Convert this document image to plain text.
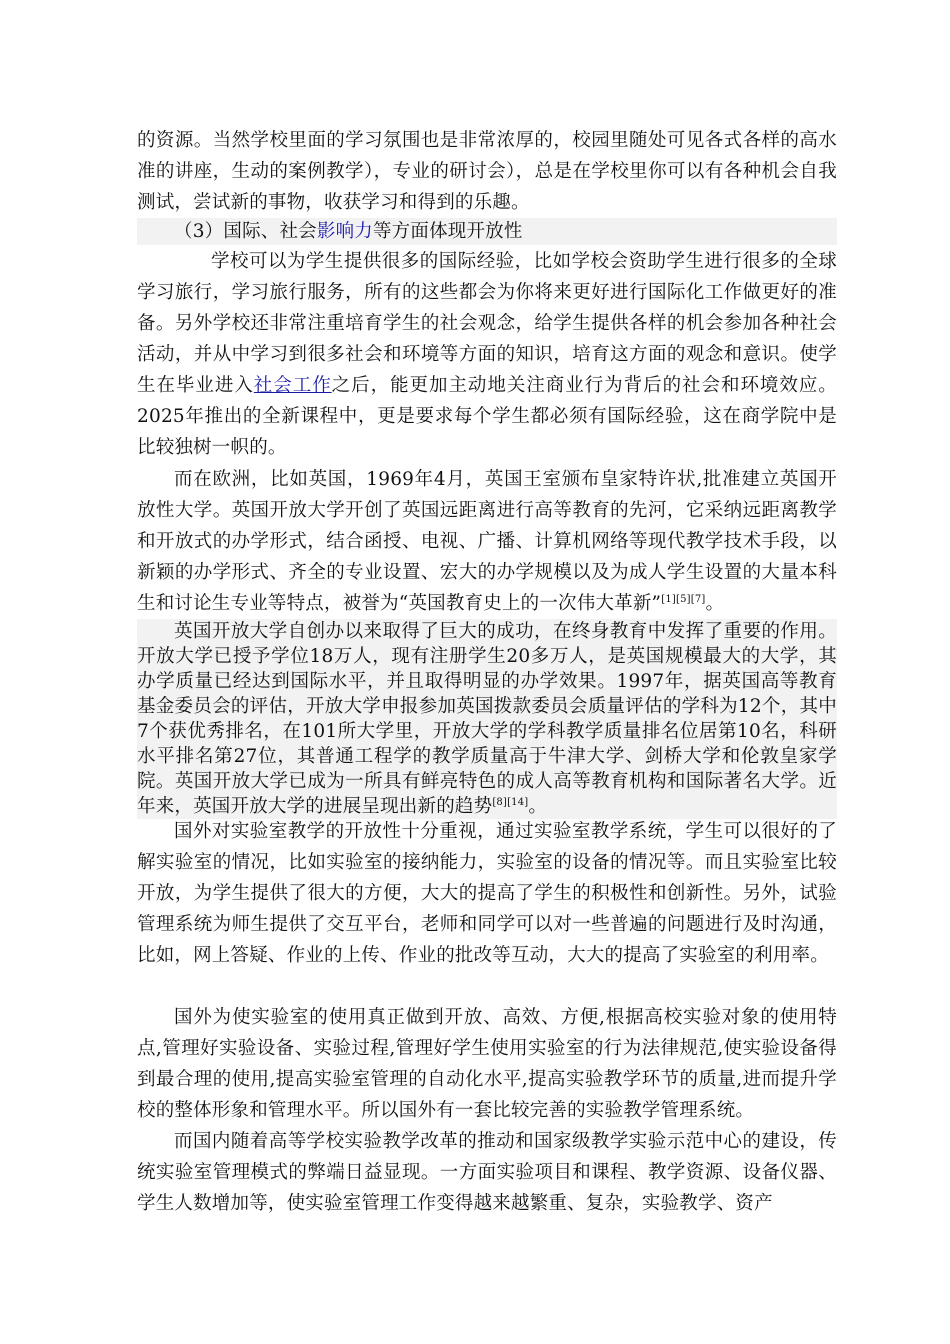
的资源。当然学校里面的学习氛围也是非常浓厚的，校园里随处可见各式各样的高水准的讲座，生动的案例教学），专业的研讨会），总是在学校里你可以有各种机会自我测试，尝试新的事物，收获学习和得到的乐趣。

（3）国际、社会影响力等方面体现开放性

学校可以为学生提供很多的国际经验，比如学校会资助学生进行很多的全球学习旅行，学习旅行服务，所有的这些都会为你将来更好进行国际化工作做更好的准备。另外学校还非常注重培育学生的社会观念，给学生提供各样的机会参加各种社会活动，并从中学习到很多社会和环境等方面的知识，培育这方面的观念和意识。使学生在毕业进入社会工作之后，能更加主动地关注商业行为背后的社会和环境效应。2025年推出的全新课程中，更是要求每个学生都必须有国际经验，这在商学院中是比较独树一帜的。

而在欧洲，比如英国，1969年4月，英国王室颁布皇家特许状,批准建立英国开放性大学。英国开放大学开创了英国远距离进行高等教育的先河，它采纳远距离教学和开放式的办学形式，结合函授、电视、广播、计算机网络等现代教学技术手段，以新颖的办学形式、齐全的专业设置、宏大的办学规模以及为成人学生设置的大量本科生和讨论生专业等特点，被誉为“英国教育史上的一次伟大革新”[1][5][7]。

英国开放大学自创办以来取得了巨大的成功，在终身教育中发挥了重要的作用。开放大学已授予学位18万人，现有注册学生20多万人，是英国规模最大的大学，其办学质量已经达到国际水平，并且取得明显的办学效果。1997年，据英国高等教育基金委员会的评估，开放大学申报参加英国拨款委员会质量评估的学科为12个，其中7个获优秀排名，在101所大学里，开放大学的学科教学质量排名位居第10名，科研水平排名第27位，其普通工程学的教学质量高于牛津大学、剑桥大学和伦敦皇家学院。英国开放大学已成为一所具有鲜亮特色的成人高等教育机构和国际著名大学。近年来，英国开放大学的进展呈现出新的趋势[8][14]。

国外对实验室教学的开放性十分重视，通过实验室教学系统，学生可以很好的了解实验室的情况，比如实验室的接纳能力，实验室的设备的情况等。而且实验室比较开放，为学生提供了很大的方便，大大的提高了学生的积极性和创新性。另外，试验管理系统为师生提供了交互平台，老师和同学可以对一些普遍的问题进行及时沟通，比如，网上答疑、作业的上传、作业的批改等互动，大大的提高了实验室的利用率。

国外为使实验室的使用真正做到开放、高效、方便,根据高校实验对象的使用特点,管理好实验设备、实验过程,管理好学生使用实验室的行为法律规范,使实验设备得到最合理的使用,提高实验室管理的自动化水平,提高实验教学环节的质量,进而提升学校的整体形象和管理水平。所以国外有一套比较完善的实验教学管理系统。

而国内随着高等学校实验教学改革的推动和国家级教学实验示范中心的建设，传统实验室管理模式的弊端日益显现。一方面实验项目和课程、教学资源、设备仪器、学生人数增加等，使实验室管理工作变得越来越繁重、复杂，实验教学、资产
